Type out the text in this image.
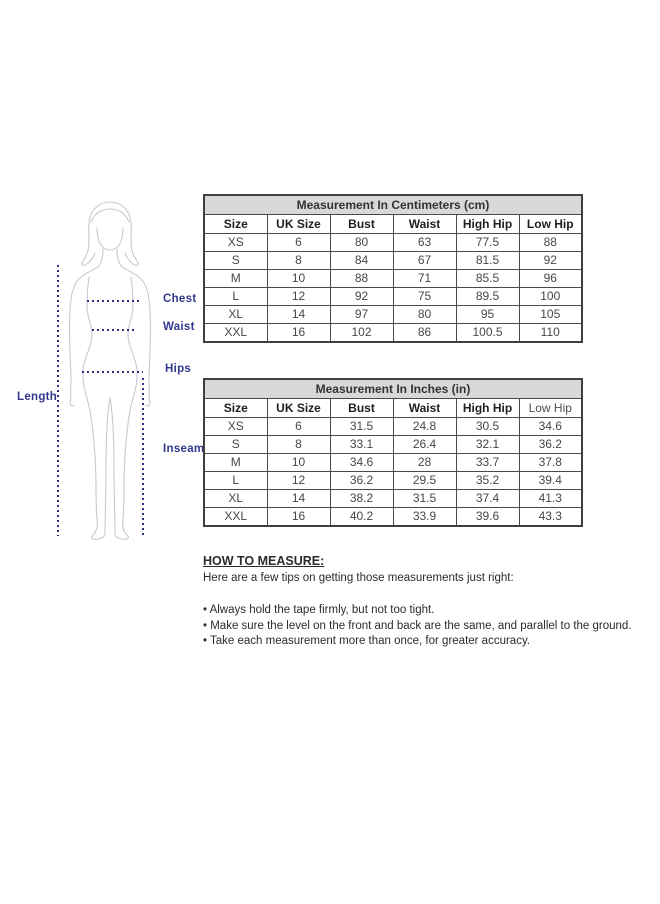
Chest
Waist
Hips
Length
Inseam
Measurement In Centimeters (cm)					
Size	UK Size	Bust	Waist	High Hip	Low Hip
XS	6	80	63	77.5	88
S	8	84	67	81.5	92
M	10	88	71	85.5	96
L	12	92	75	89.5	100
XL	14	97	80	95	105
XXL	16	102	86	100.5	110
Measurement In Inches (in)					
Size	UK Size	Bust	Waist	High Hip	Low Hip
XS	6	31.5	24.8	30.5	34.6
S	8	33.1	26.4	32.1	36.2
M	10	34.6	28	33.7	37.8
L	12	36.2	29.5	35.2	39.4
XL	14	38.2	31.5	37.4	41.3
XXL	16	40.2	33.9	39.6	43.3

HOW TO MEASURE:

Here are a few tips on getting those measurements just right:

• Always hold the tape firmly, but not too tight.
• Make sure the level on the front and back are the same, and parallel to the ground.
• Take each measurement more than once, for greater accuracy.
